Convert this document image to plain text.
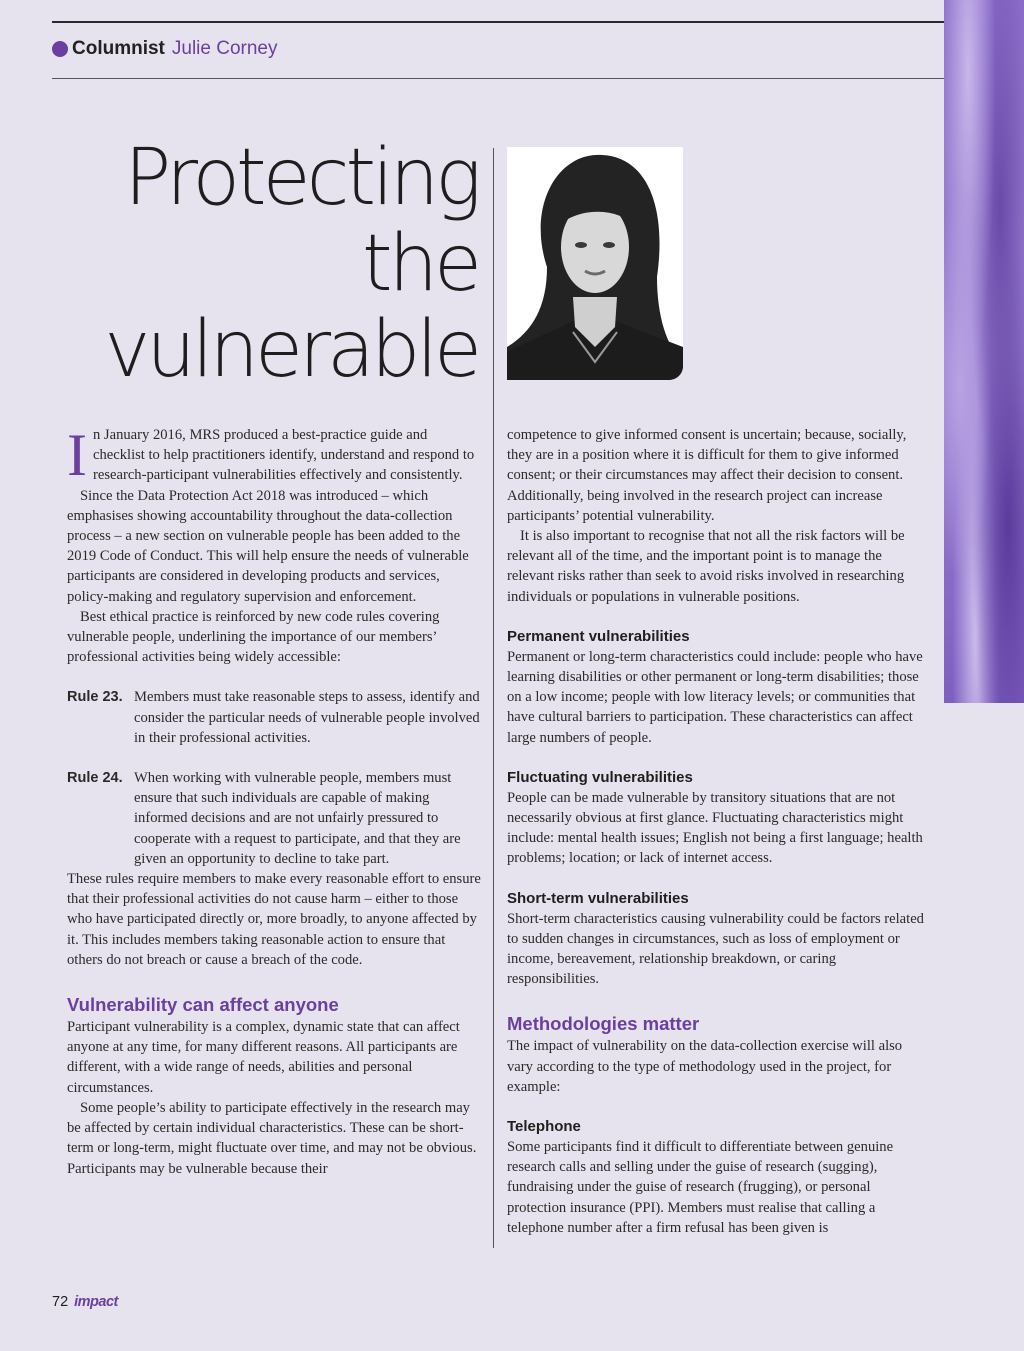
Columnist Julie Corney
Protecting
the
vulnerable

In January 2016, MRS produced a best-practice guide and checklist to help practitioners identify, understand and respond to research-participant vulnerabilities effectively and consistently.

Since the Data Protection Act 2018 was introduced – which emphasises showing accountability throughout the data-collection process – a new section on vulnerable people has been added to the 2019 Code of Conduct. This will help ensure the needs of vulnerable participants are considered in developing products and services, policy-making and regulatory supervision and enforcement.

Best ethical practice is reinforced by new code rules covering vulnerable people, underlining the importance of our members’ professional activities being widely accessible:

Rule 23. Members must take reasonable steps to assess, identify and consider the particular needs of vulnerable people involved in their professional activities.
Rule 24. When working with vulnerable people, members must ensure that such individuals are capable of making informed decisions and are not unfairly pressured to cooperate with a request to participate, and that they are given an opportunity to decline to take part.

These rules require members to make every reasonable effort to ensure that their professional activities do not cause harm – either to those who have participated directly or, more broadly, to anyone affected by it. This includes members taking reasonable action to ensure that others do not breach or cause a breach of the code.

Vulnerability can affect anyone

Participant vulnerability is a complex, dynamic state that can affect anyone at any time, for many different reasons. All participants are different, with a wide range of needs, abilities and personal circumstances.

Some people’s ability to participate effectively in the research may be affected by certain individual characteristics. These can be short-term or long-term, might fluctuate over time, and may not be obvious. Participants may be vulnerable because their

competence to give informed consent is uncertain; because, socially, they are in a position where it is difficult for them to give informed consent; or their circumstances may affect their decision to consent. Additionally, being involved in the research project can increase participants’ potential vulnerability.

It is also important to recognise that not all the risk factors will be relevant all of the time, and the important point is to manage the relevant risks rather than seek to avoid risks involved in researching individuals or populations in vulnerable positions.

Permanent vulnerabilities

Permanent or long-term characteristics could include: people who have learning disabilities or other permanent or long-term disabilities; those on a low income; people with low literacy levels; or communities that have cultural barriers to participation. These characteristics can affect large numbers of people.

Fluctuating vulnerabilities

People can be made vulnerable by transitory situations that are not necessarily obvious at first glance. Fluctuating characteristics might include: mental health issues; English not being a first language; health problems; location; or lack of internet access.

Short-term vulnerabilities

Short-term characteristics causing vulnerability could be factors related to sudden changes in circumstances, such as loss of employment or income, bereavement, relationship breakdown, or caring responsibilities.

Methodologies matter

The impact of vulnerability on the data-collection exercise will also vary according to the type of methodology used in the project, for example:

Telephone

Some participants find it difficult to differentiate between genuine research calls and selling under the guise of research (sugging), fundraising under the guise of research (frugging), or personal protection insurance (PPI). Members must realise that calling a telephone number after a firm refusal has been given is

72 impact
